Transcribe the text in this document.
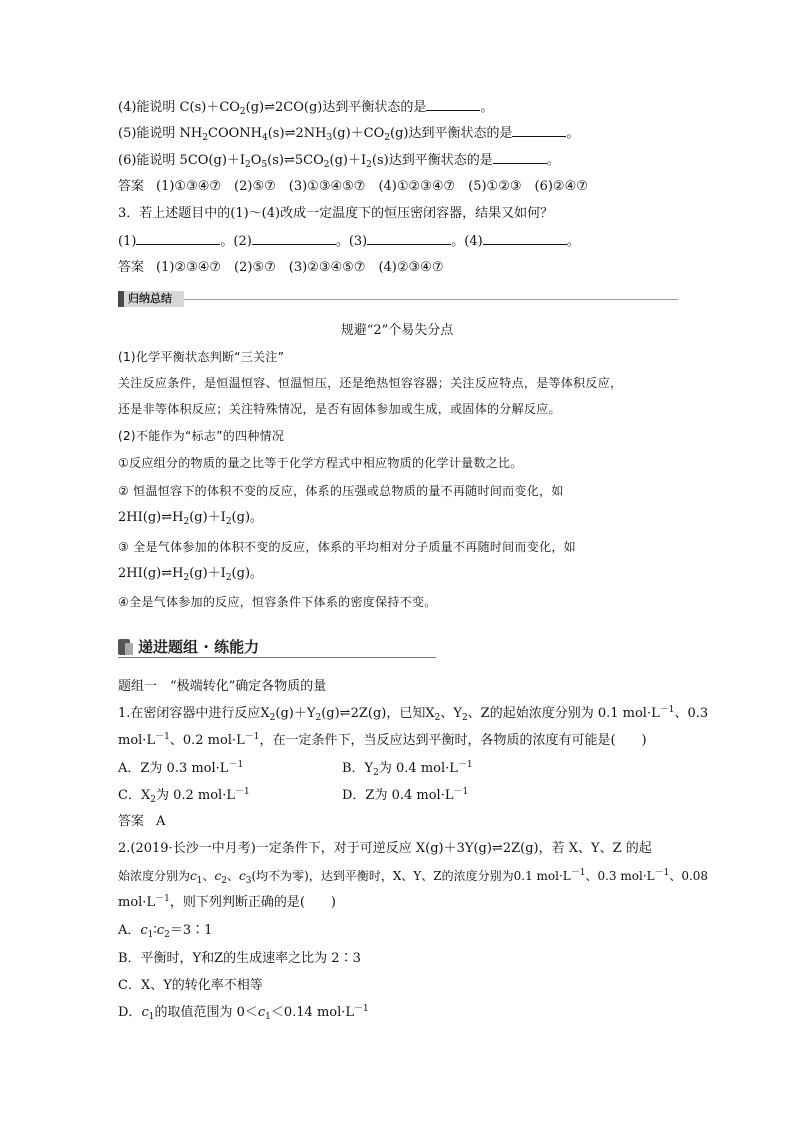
(4)能说明 $C(s)+CO_2(g)\rightleftharpoons 2CO(g)$达到平衡状态的是	。
(5)能说明 $NH_2COONH_4(s)\rightleftharpoons 2NH_3(g)+CO_2(g)$达到平衡状态的是	。
(6)能说明 $5CO(g)+I_2O_5(s)\rightleftharpoons 5CO_2(g)+I_2(s)$达到平衡状态的是	。
答案 (1)①③④⑦　(2)⑤⑦　(3)①③④⑤⑦　(4)①②③④⑦　(5)①②③　(6)②④⑦
3．若上述题目中的(1)～(4)改成一定温度下的恒压密闭容器，结果又如何？
(1)	。(2)	。(3)	。(4)	。
答案 (1)②③④⑦　(2)⑤⑦　(3)②③④⑤⑦　(4)②③④⑦
归纳总结
规避“2”个易失分点
(1)化学平衡状态判断“三关注”
关注反应条件，是恒温恒容、恒温恒压，还是绝热恒容容器；关注反应特点，是等体积反应，
还是非等体积反应；关注特殊情况，是否有固体参加或生成，或固体的分解反应。
(2)不能作为“标志”的四种情况
①反应组分的物质的量之比等于化学方程式中相应物质的化学计量数之比。
② 恒温恒容下的体积不变的反应，体系的压强或总物质的量不再随时间而变化，如
$2HI(g)\rightleftharpoons H_2(g)+I_2(g)$。
③ 全是气体参加的体积不变的反应，体系的平均相对分子质量不再随时间而变化，如
$2HI(g)\rightleftharpoons H_2(g)+I_2(g)$。
④全是气体参加的反应，恒容条件下体系的密度保持不变。
递进题组 · 练能力
题组一　“极端转化”确定各物质的量
1.在密闭容器中进行反应$X_2(g)+Y_2(g)\rightleftharpoons 2Z(g)$，已知$X_2$、$Y_2$、Z的起始浓度分别为 0.1 $mol\cdot L^{-1}$、0.3
$mol\cdot L^{-1}$、0.2 $mol\cdot L^{-1}$，在一定条件下，当反应达到平衡时，各物质的浓度有可能是(　　)
A．Z为 0.3 $mol\cdot L^{-1}$	B．$Y_2$为 0.4 $mol\cdot L^{-1}$
C．$X_2$为 0.2 $mol\cdot L^{-1}$	D．Z为 0.4 $mol\cdot L^{-1}$
答案 A
2.(2019·长沙一中月考)一定条件下，对于可逆反应 X(g)＋3Y(g)⇌2Z(g)，若 X、Y、Z 的起
始浓度分别为$c_1$、$c_2$、$c_3$(均不为零)，达到平衡时，X、Y、Z的浓度分别为0.1 $mol\cdot L^{-1}$、0.3 $mol\cdot L^{-1}$、0.08
$mol\cdot L^{-1}$，则下列判断正确的是(　　)
A．$c_1∶c_2=3∶1$
B．平衡时，Y和Z的生成速率之比为 2∶3
C．X、Y的转化率不相等
D．$c_1$的取值范围为 $0<c_1<0.14$ $mol\cdot L^{-1}$
